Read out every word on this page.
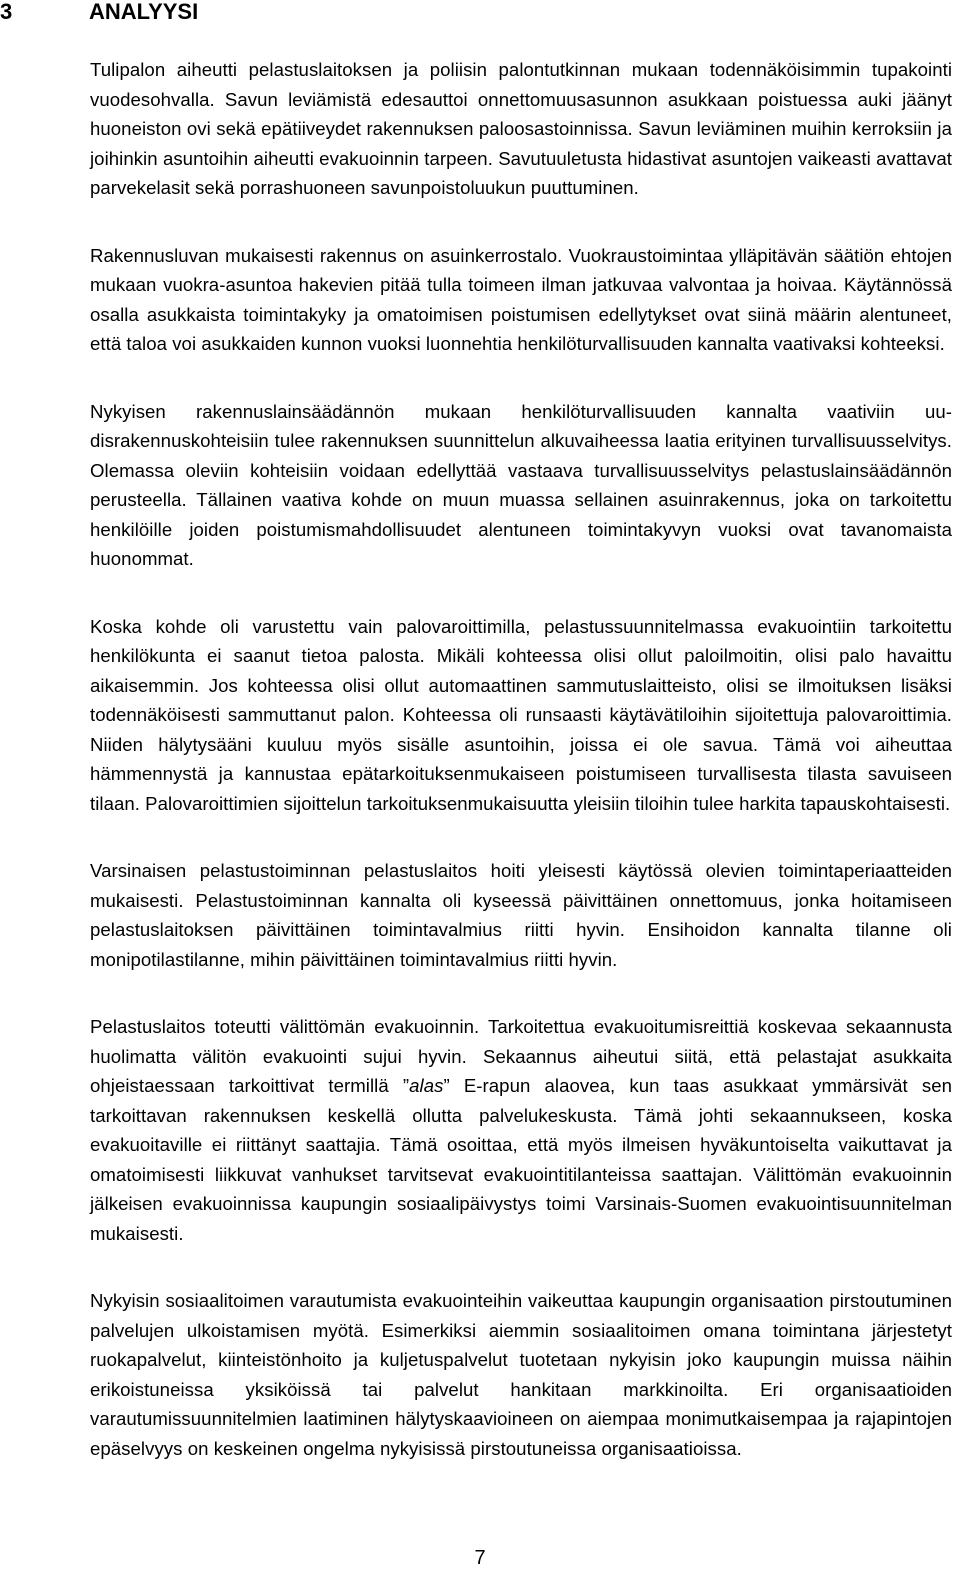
3	ANALYYSI

Tulipalon aiheutti pelastuslaitoksen ja poliisin palontutkinnan mukaan todennäköisimmin tupakointi vuodesohvalla. Savun leviämistä edesauttoi onnettomuusasunnon asukkaan poistuessa auki jäänyt huoneiston ovi sekä epätiiveydet rakennuksen paloosastoinnissa. Savun leviäminen muihin kerroksiin ja joihinkin asuntoihin aiheutti evakuoinnin tarpeen. Savutuuletusta hidastivat asuntojen vaikeasti avattavat parvekelasit sekä porrashuoneen savunpoistoluukun puuttuminen.

Rakennusluvan mukaisesti rakennus on asuinkerrostalo. Vuokraustoimintaa ylläpitävän säätiön ehtojen mukaan vuokra-asuntoa hakevien pitää tulla toimeen ilman jatkuvaa valvontaa ja hoivaa. Käytännössä osalla asukkaista toimintakyky ja omatoimisen poistumisen edellytykset ovat siinä määrin alentuneet, että taloa voi asukkaiden kunnon vuoksi luonnehtia henkilöturvallisuuden kannalta vaativaksi kohteeksi.

Nykyisen rakennuslainsäädännön mukaan henkilöturvallisuuden kannalta vaativiin uudisrakennuskohteisiin tulee rakennuksen suunnittelun alkuvaiheessa laatia erityinen turvallisuusselvitys. Olemassa oleviin kohteisiin voidaan edellyttää vastaava turvallisuusselvitys pelastuslainsäädännön perusteella. Tällainen vaativa kohde on muun muassa sellainen asuinrakennus, joka on tarkoitettu henkilöille joiden poistumismahdollisuudet alentuneen toimintakyvyn vuoksi ovat tavanomaista huonommat.

Koska kohde oli varustettu vain palovaroittimilla, pelastussuunnitelmassa evakuointiin tarkoitettu henkilökunta ei saanut tietoa palosta. Mikäli kohteessa olisi ollut paloilmoitin, olisi palo havaittu aikaisemmin. Jos kohteessa olisi ollut automaattinen sammutuslaitteisto, olisi se ilmoituksen lisäksi todennäköisesti sammuttanut palon. Kohteessa oli runsaasti käytävätiloihin sijoitettuja palovaroittimia. Niiden hälytysääni kuuluu myös sisälle asuntoihin, joissa ei ole savua. Tämä voi aiheuttaa hämmennystä ja kannustaa epätarkoituksenmukaiseen poistumiseen turvallisesta tilasta savuiseen tilaan. Palovaroittimien sijoittelun tarkoituksenmukaisuutta yleisiin tiloihin tulee harkita tapauskohtaisesti.

Varsinaisen pelastustoiminnan pelastuslaitos hoiti yleisesti käytössä olevien toimintaperiaatteiden mukaisesti. Pelastustoiminnan kannalta oli kyseessä päivittäinen onnettomuus, jonka hoitamiseen pelastuslaitoksen päivittäinen toimintavalmius riitti hyvin. Ensihoidon kannalta tilanne oli monipotilastilanne, mihin päivittäinen toimintavalmius riitti hyvin.

Pelastuslaitos toteutti välittömän evakuoinnin. Tarkoitettua evakuoitumisreittiä koskevaa sekaannusta huolimatta välitön evakuointi sujui hyvin. Sekaannus aiheutui siitä, että pelastajat asukkaita ohjeistaessaan tarkoittivat termillä ”alas” E-rapun alaovea, kun taas asukkaat ymmärsivät sen tarkoittavan rakennuksen keskellä ollutta palvelukeskusta. Tämä johti sekaannukseen, koska evakuoitaville ei riittänyt saattajia. Tämä osoittaa, että myös ilmeisen hyväkuntoiselta vaikuttavat ja omatoimisesti liikkuvat vanhukset tarvitsevat evakuointitilanteissa saattajan. Välittömän evakuoinnin jälkeisen evakuoinnissa kaupungin sosiaalipäivystys toimi Varsinais-Suomen evakuointisuunnitelman mukaisesti.

Nykyisin sosiaalitoimen varautumista evakuointeihin vaikeuttaa kaupungin organisaation pirstoutuminen palvelujen ulkoistamisen myötä. Esimerkiksi aiemmin sosiaalitoimen omana toimintana järjestetyt ruokapalvelut, kiinteistönhoito ja kuljetuspalvelut tuotetaan nykyisin joko kaupungin muissa näihin erikoistuneissa yksiköissä tai palvelut hankitaan markkinoilta. Eri organisaatioiden varautumissuunnitelmien laatiminen hälytyskaavioineen on aiempaa monimutkaisempaa ja rajapintojen epäselvyys on keskeinen ongelma nykyisissä pirstoutuneissa organisaatioissa.

7
